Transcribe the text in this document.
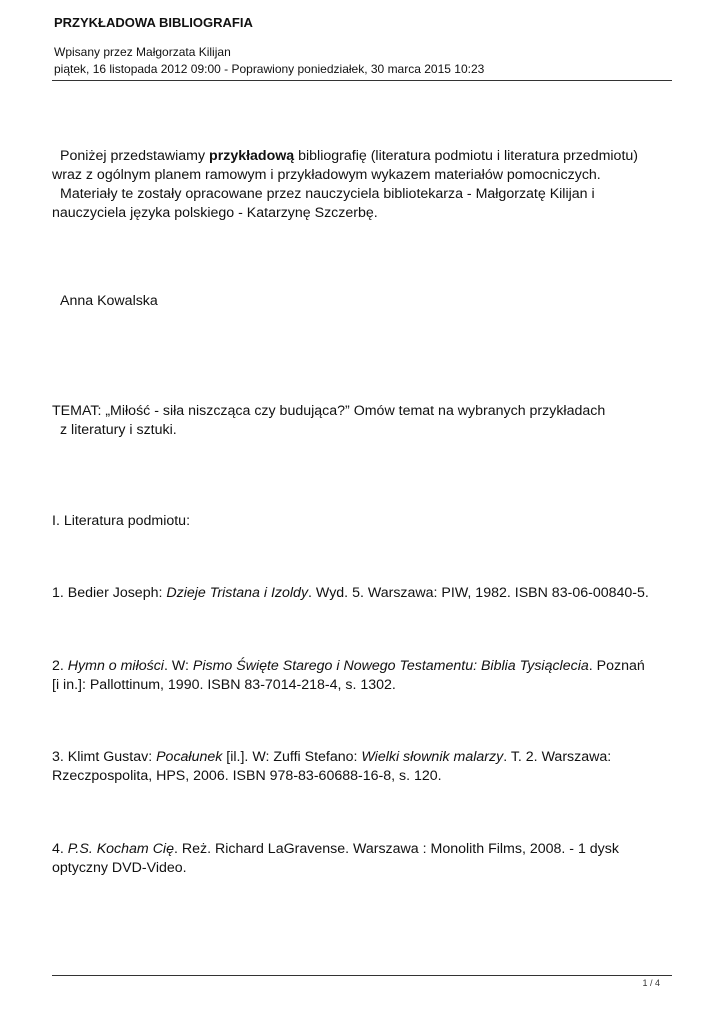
PRZYKŁADOWA BIBLIOGRAFIA
Wpisany przez Małgorzata Kilijan
piątek, 16 listopada 2012 09:00 - Poprawiony poniedziałek, 30 marca 2015 10:23
Poniżej przedstawiamy przykładową bibliografię (literatura podmiotu i literatura przedmiotu)
wraz z ogólnym planem ramowym i przykładowym wykazem materiałów pomocniczych.
Materiały te zostały opracowane przez nauczyciela bibliotekarza - Małgorzatę Kilijan i
nauczyciela języka polskiego - Katarzynę Szczerbę.
Anna Kowalska
TEMAT: „Miłość - siła niszcząca czy budująca?” Omów temat na wybranych przykładach
z literatury i sztuki.
I. Literatura podmiotu:
1. Bedier Joseph: Dzieje Tristana i Izoldy. Wyd. 5. Warszawa: PIW, 1982. ISBN 83-06-00840-5.
2. Hymn o miłości. W: Pismo Święte Starego i Nowego Testamentu: Biblia Tysiąclecia. Poznań
[i in.]: Pallottinum, 1990. ISBN 83-7014-218-4, s. 1302.
3. Klimt Gustav: Pocałunek [il.]. W: Zuffi Stefano: Wielki słownik malarzy. T. 2. Warszawa:
Rzeczpospolita, HPS, 2006. ISBN 978-83-60688-16-8, s. 120.
4. P.S. Kocham Cię. Reż. Richard LaGravense. Warszawa : Monolith Films, 2008. - 1 dysk
optyczny DVD-Video.
1 / 4
